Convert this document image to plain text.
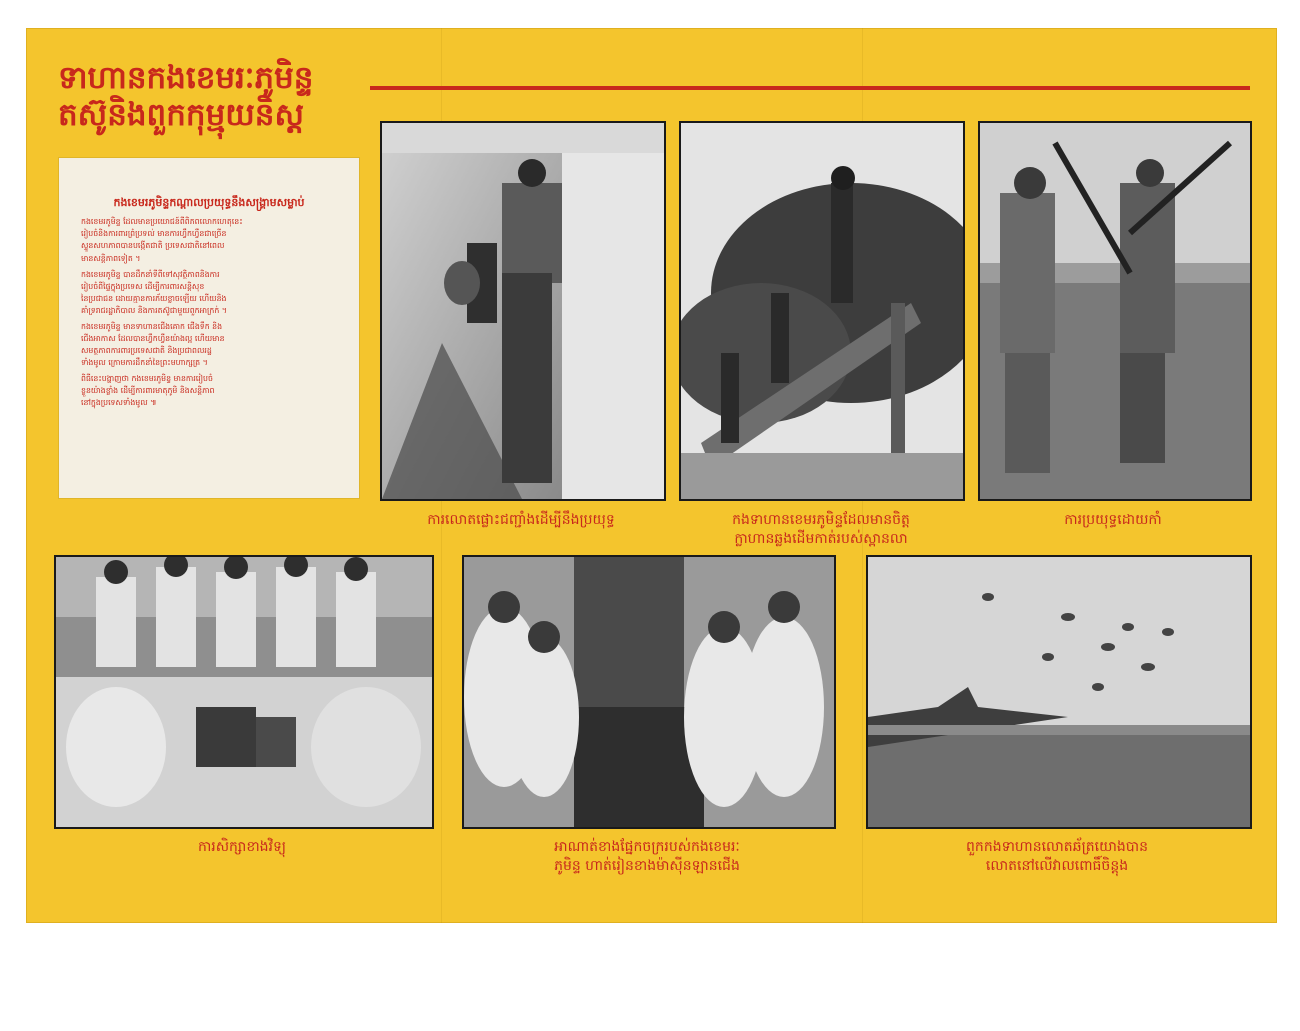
ទាហានកងខេមរៈភូមិន្ទ
តស៊ូនិងពួកកុម្មុយនិស្ត
កងខេមរភូមិន្ទកណ្ដាលប្រយុទ្ធនឹងសង្រ្គាមសម្លាប់

កងខេមរភូមិន្ទ ដែលមានប្រយោជន៍ពីពិភពលោកហេតុនេះ
រៀបចំនិងការពារព្រំប្រទល់ មានការហ្វឹកហ្វឺនជាច្រើន
ស្ទួនសហភាពបានបង្កើតជាតិ ប្រទេសជាតិនៅពេល
មានសន្តិភាពទៀត ។

កងខេមរភូមិន្ទ បានដឹកនាំទីពីទៅសុវត្ថិភាពនិងការ
រៀបចំពីផ្ទៃក្នុងប្រទេស ដើម្បីការពារសន្តិសុខ
នៃប្រជាជន ដោយគ្មានការភ័យខ្លាចឡើយ ហើយនិង
គាំទ្ររាជរដ្ឋាភិបាល និងការតស៊ូជាមួយពួកអាក្រក់ ។

កងខេមរភូមិន្ទ មានទាហានជើងគោក ជើងទឹក និង
ជើងអាកាស ដែលបានហ្វឹកហ្វឺនយ៉ាងល្អ ហើយមាន
សមត្ថភាពការពារប្រទេសជាតិ និងប្រជាពលរដ្ឋ
ទាំងមូល ក្រោមការដឹកនាំនៃព្រះមហាក្សត្រ ។

ពិធីនេះបង្ហាញថា កងខេមរភូមិន្ទ មានការរៀបចំ
ខ្លួនយ៉ាងខ្លាំង ដើម្បីការពារមាតុភូមិ និងសន្តិភាព
នៅក្នុងប្រទេសទាំងមូល ៕

ការលោតផ្លោះជញ្ជាំងដើម្បីនឹងប្រយុទ្ធ	កងទាហានខេមរភូមិន្ទដែលមានចិត្ត
ក្លាហានឆ្លងដើមកាត់របស់ស្ពានលា
ការប្រយុទ្ធដោយកាំ
ការសិក្សាខាងវិទ្យុ	អាណាត់ខាងផ្នែកចក្ររបស់កងខេមរៈ
ភូមិន្ទ ហាត់រៀនខាងម៉ាស៊ីនឡានជើង
ពួកកងទាហានលោតឆ័ត្រយោងបាន
លោតនៅលើវាលពោធិ៍ចិន្តុង
